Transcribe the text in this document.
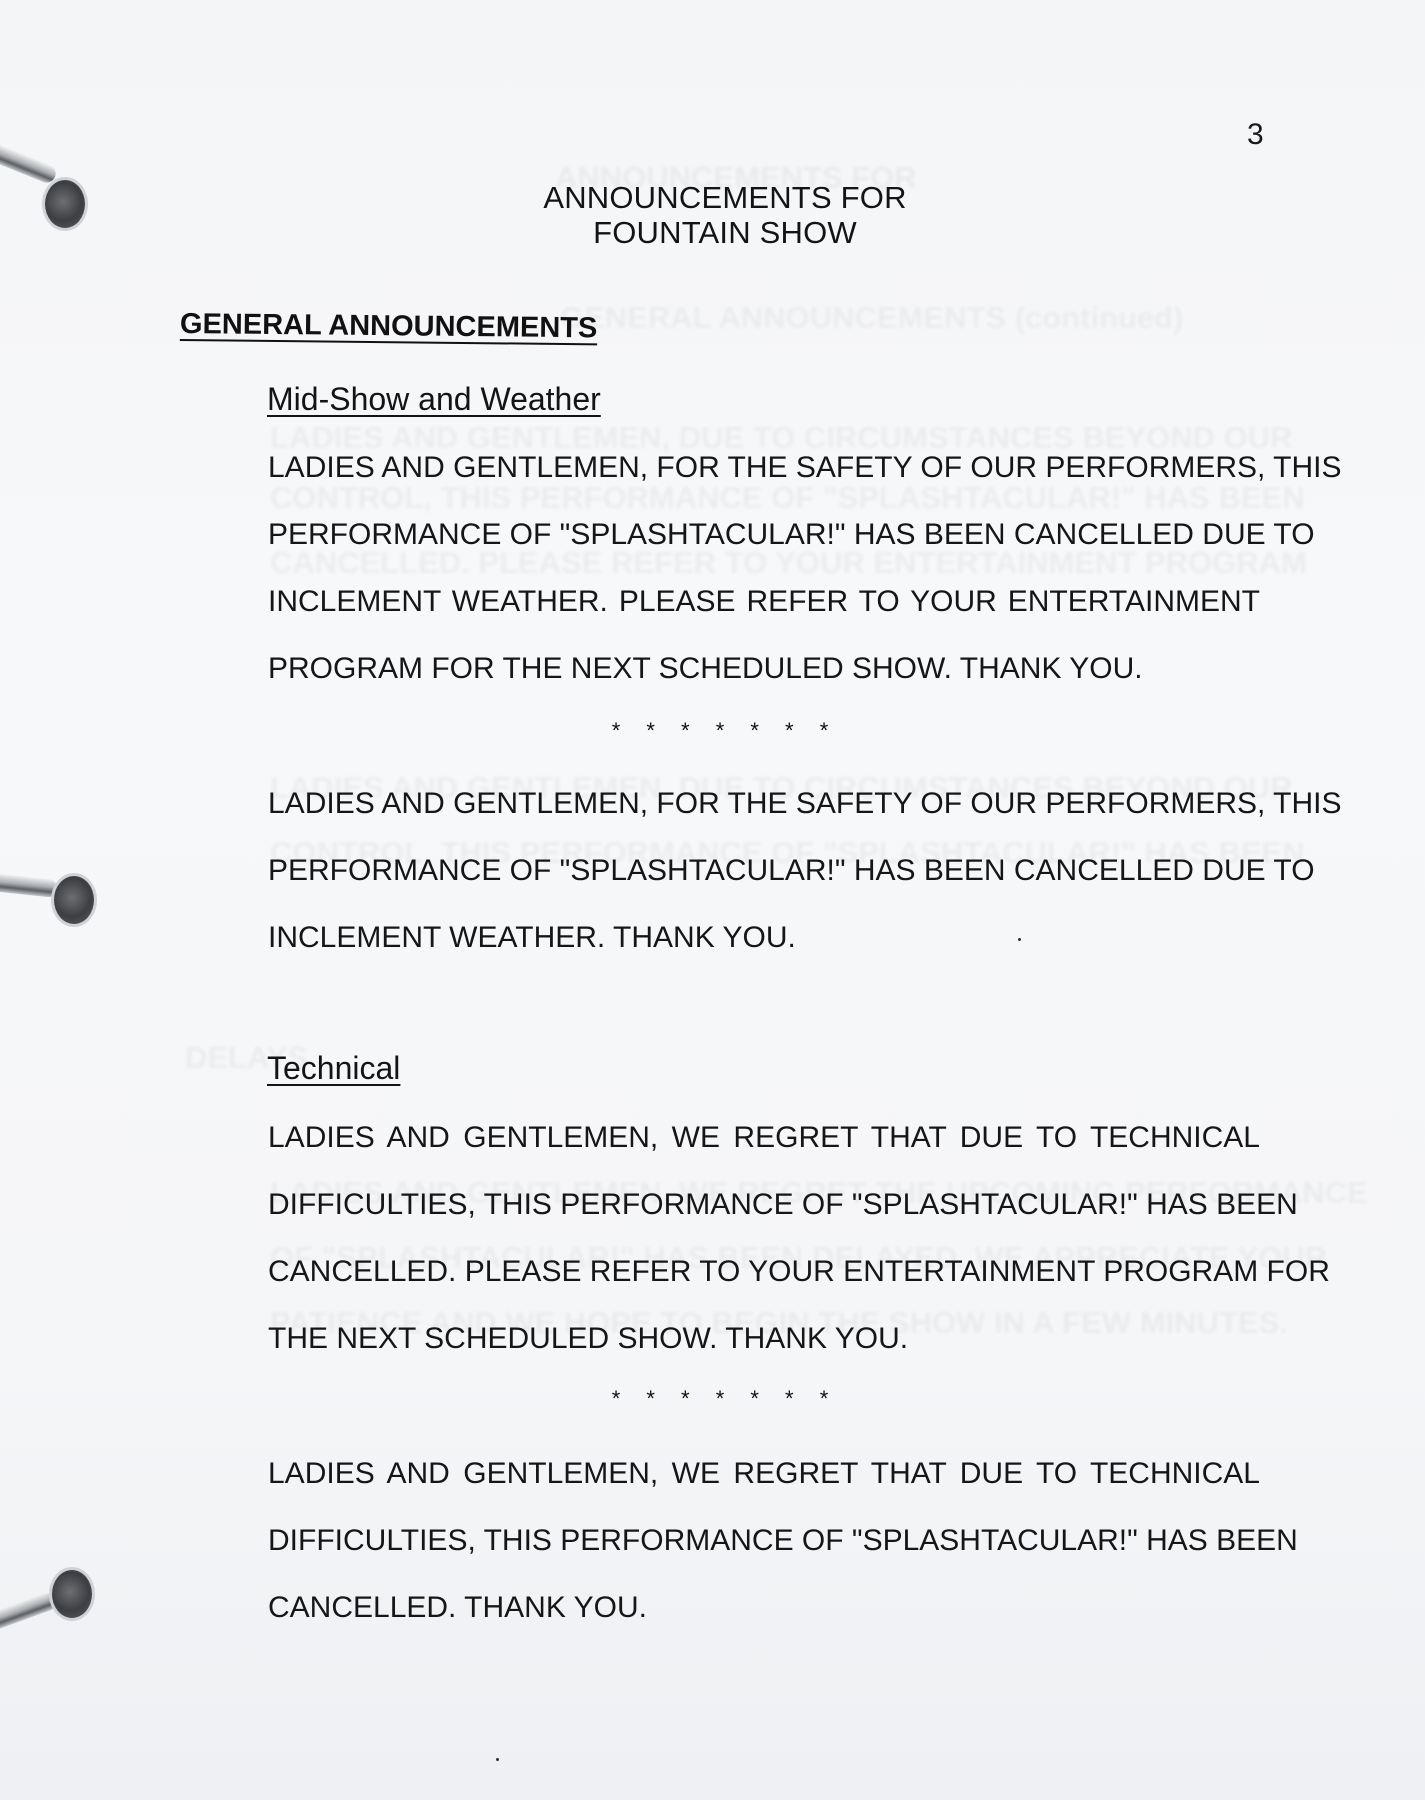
3
ANNOUNCEMENTS FOR
FOUNTAIN SHOW
GENERAL ANNOUNCEMENTS
Mid-Show and Weather
LADIES AND GENTLEMEN, FOR THE SAFETY OF OUR PERFORMERS, THIS
PERFORMANCE OF "SPLASHTACULAR!" HAS BEEN CANCELLED DUE TO
INCLEMENT WEATHER. PLEASE REFER TO YOUR ENTERTAINMENT
PROGRAM FOR THE NEXT SCHEDULED SHOW. THANK YOU.
* * * * * * *
LADIES AND GENTLEMEN, FOR THE SAFETY OF OUR PERFORMERS, THIS
PERFORMANCE OF "SPLASHTACULAR!" HAS BEEN CANCELLED DUE TO
INCLEMENT WEATHER. THANK YOU.
Technical
LADIES AND GENTLEMEN, WE REGRET THAT DUE TO TECHNICAL
DIFFICULTIES, THIS PERFORMANCE OF "SPLASHTACULAR!" HAS BEEN
CANCELLED. PLEASE REFER TO YOUR ENTERTAINMENT PROGRAM FOR
THE NEXT SCHEDULED SHOW. THANK YOU.
* * * * * * *
LADIES AND GENTLEMEN, WE REGRET THAT DUE TO TECHNICAL
DIFFICULTIES, THIS PERFORMANCE OF "SPLASHTACULAR!" HAS BEEN
CANCELLED. THANK YOU.
